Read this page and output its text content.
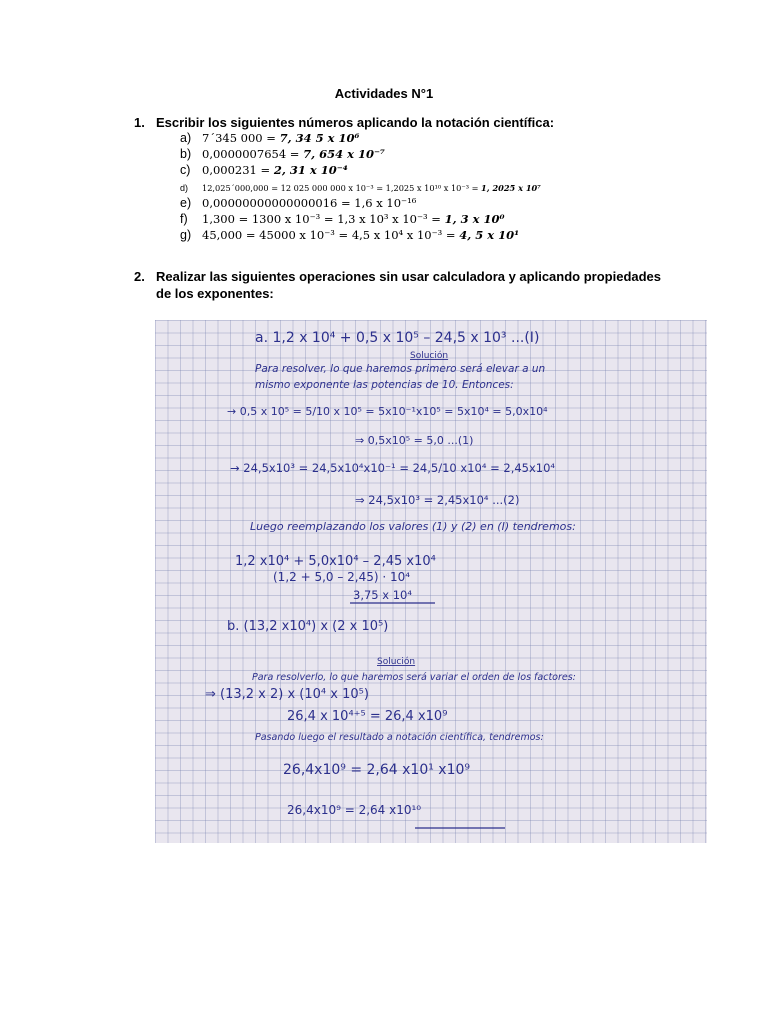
Actividades N°1
1. Escribir los siguientes números aplicando la notación científica:
a) 7´345 000 = 7, 34 5 x 10⁶
b) 0,0000007654 = 7, 654 x 10⁻⁷
c) 0,000231 = 2, 31 x 10⁻⁴
d) 12,025´000,000 = 12 025 000 000 x 10⁻³ = 1,2025 x 10¹⁰ x 10⁻³ = 1, 2025 x 10⁷
e) 0,00000000000000016 = 1,6 x 10⁻¹⁶
f) 1,300 = 1300 x 10⁻³ = 1,3 x 10³ x 10⁻³ = 1, 3 x 10⁰
g) 45,000 = 45000 x 10⁻³ = 4,5 x 10⁴ x 10⁻³ = 4, 5 x 10¹
2. Realizar las siguientes operaciones sin usar calculadora y aplicando propiedades de los exponentes:
a. 1,2 x 10⁴ + 0,5 x 10⁵ – 24,5 x 10³ ...(I)
Solución
Para resolver, lo que haremos primero será elevar a un
mismo exponente las potencias de 10. Entonces:
→ 0,5 x 10⁵ = 5/10 x 10⁵ = 5x10⁻¹x10⁵ = 5x10⁴ = 5,0x10⁴
⇒ 0,5x10⁵ = 5,0 ...(1)
→ 24,5x10³ = 24,5x10⁴x10⁻¹ = 24,5/10 x10⁴ = 2,45x10⁴
⇒ 24,5x10³ = 2,45x10⁴ ...(2)
Luego reemplazando los valores (1) y (2) en (I) tendremos:
1,2 x10⁴ + 5,0x10⁴ – 2,45 x10⁴
(1,2 + 5,0 – 2,45) · 10⁴
3,75 x 10⁴
b. (13,2 x10⁴) x (2 x 10⁵)
Solución
Para resolverlo, lo que haremos será variar el orden de los factores:
⇒ (13,2 x 2) x (10⁴ x 10⁵)
26,4 x 10⁴⁺⁵ = 26,4 x10⁹
Pasando luego el resultado a notación científica, tendremos:
26,4x10⁹ = 2,64 x10¹ x10⁹
26,4x10⁹ = 2,64 x10¹⁰
